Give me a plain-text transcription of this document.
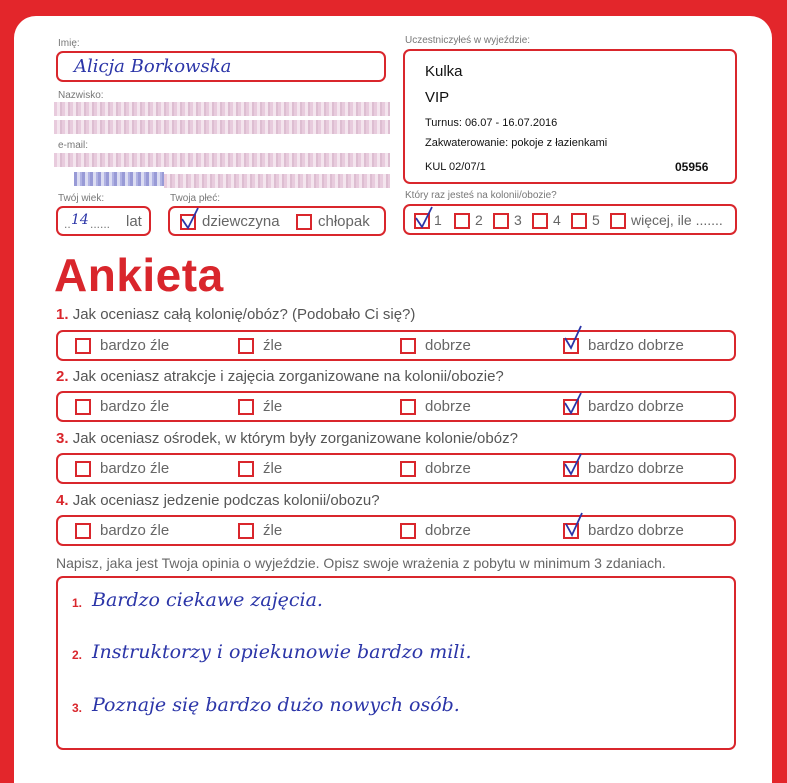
Imię:
Alicja Borkowska
Nazwisko:
e-mail:
Twój wiek:
.. 14 ...... lat
Twoja płeć:
dziewczyna	chłopak
Uczestniczyłeś w wyjeździe:
Kulka
VIP
Turnus: 06.07 - 16.07.2016
Zakwaterowanie: pokoje z łazienkami
KUL 02/07/1	05956
Który raz jesteś na kolonii/obozie?
1 2 3 4 5 więcej, ile .......
Ankieta
1. Jak oceniasz całą kolonię/obóz? (Podobało Ci się?)
bardzo źle	źle	dobrze	bardzo dobrze
2. Jak oceniasz atrakcje i zajęcia zorganizowane na kolonii/obozie?
bardzo źle	źle	dobrze	bardzo dobrze
3. Jak oceniasz ośrodek, w którym były zorganizowane kolonie/obóz?
bardzo źle	źle	dobrze	bardzo dobrze
4. Jak oceniasz jedzenie podczas kolonii/obozu?
bardzo źle	źle	dobrze	bardzo dobrze
Napisz, jaka jest Twoja opinia o wyjeździe. Opisz swoje wrażenia z pobytu w minimum 3 zdaniach.
1. Bardzo ciekawe zajęcia.
2. Instruktorzy i opiekunowie bardzo mili.
3. Poznaje się bardzo dużo nowych osób.
